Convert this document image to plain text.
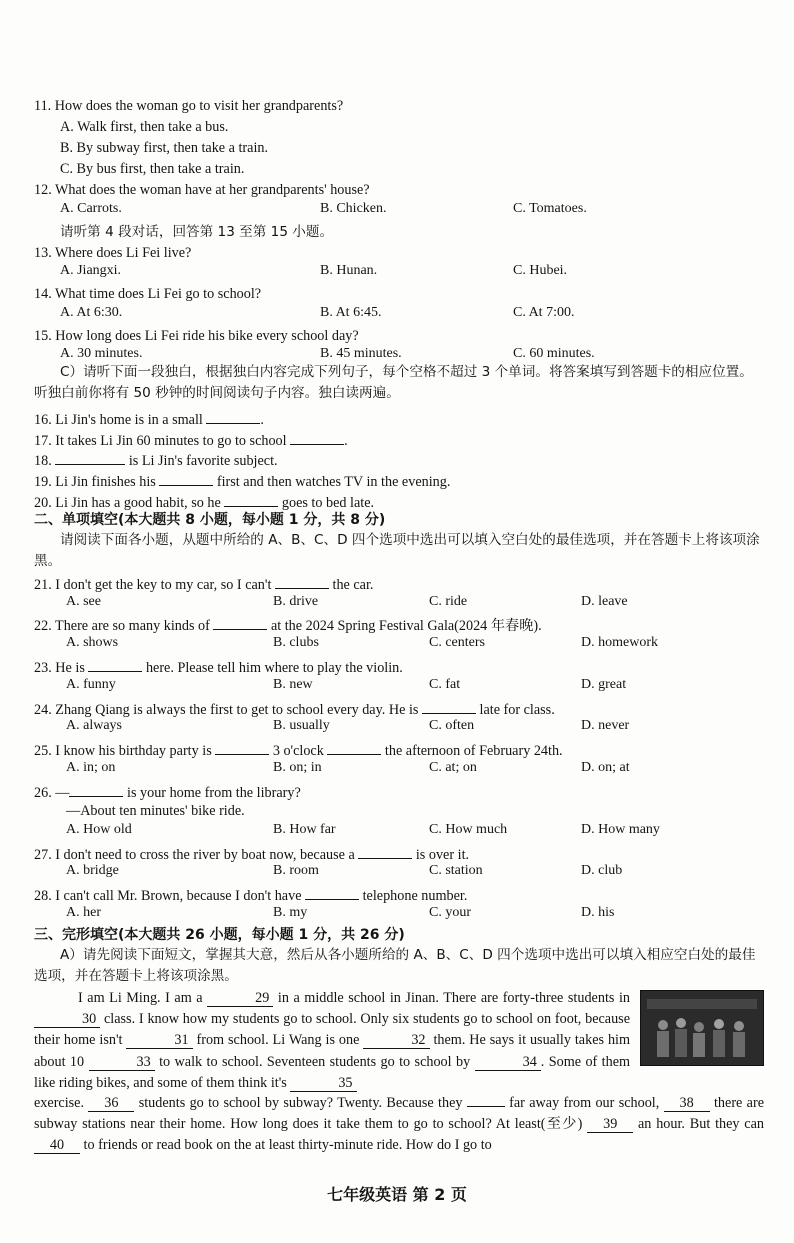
11. How does the woman go to visit her grandparents?
A. Walk first, then take a bus.
B. By subway first, then take a train.
C. By bus first, then take a train.
12. What does the woman have at her grandparents' house?
A. Carrots.	B. Chicken.	C. Tomatoes.
请听第 4 段对话，回答第 13 至第 15 小题。
13. Where does Li Fei live?
A. Jiangxi.	B. Hunan.	C. Hubei.
14. What time does Li Fei go to school?
A. At 6:30.	B. At 6:45.	C. At 7:00.
15. How long does Li Fei ride his bike every school day?
A. 30 minutes.	B. 45 minutes.	C. 60 minutes.
C）请听下面一段独白，根据独白内容完成下列句子，每个空格不超过 3 个单词。将答案填写到答题卡的相应位置。听独白前你将有 50 秒钟的时间阅读句子内容。独白读两遍。
16. Li Jin's home is in a small	.
17. It takes Li Jin 60 minutes to go to school	.
18.	is Li Jin's favorite subject.
19. Li Jin finishes his	first and then watches TV in the evening.
20. Li Jin has a good habit, so he	goes to bed late.
二、单项填空(本大题共 8 小题，每小题 1 分，共 8 分)
请阅读下面各小题，从题中所给的 A、B、C、D 四个选项中选出可以填入空白处的最佳选项，并在答题卡上将该项涂黑。
21. I don't get the key to my car, so I can't	the car.
A. see	B. drive	C. ride	D. leave
22. There are so many kinds of	at the 2024 Spring Festival Gala(2024 年春晚).
A. shows	B. clubs	C. centers	D. homework
23. He is	here. Please tell him where to play the violin.
A. funny	B. new	C. fat	D. great
24. Zhang Qiang is always the first to get to school every day. He is	late for class.
A. always	B. usually	C. often	D. never
25. I know his birthday party is	3 o'clock	the afternoon of February 24th.
A. in; on	B. on; in	C. at; on	D. on; at
26. —	is your home from the library?
—About ten minutes' bike ride.
A. How old	B. How far	C. How much	D. How many
27. I don't need to cross the river by boat now, because a	is over it.
A. bridge	B. room	C. station	D. club
28. I can't call Mr. Brown, because I don't have	telephone number.
A. her	B. my	C. your	D. his
三、完形填空(本大题共 26 小题，每小题 1 分，共 26 分)
A）请先阅读下面短文，掌握其大意，然后从各小题所给的 A、B、C、D 四个选项中选出可以填入相应空白处的最佳选项，并在答题卡上将该项涂黑。
I am Li Ming. I am a	29 in a middle school in Jinan. There are forty-three students in 30 class. I know how my students go to school. Only six students go to school on foot, because their home isn't	31 from school. Li Wang is one	32 them. He says it usually takes him about 10	33 to walk to school. Seventeen students go to school by	34 . Some of them like riding bikes, and some of them think it's	35
exercise. 36 students go to school by subway? Twenty. Because they	far away from our school, 38 there are subway stations near their home. How long does it take them to go to school? At least(至少) 39 an hour. But they can 40 to friends or read book on the at least thirty-minute ride. How do I go to
七年级英语 第 2 页
